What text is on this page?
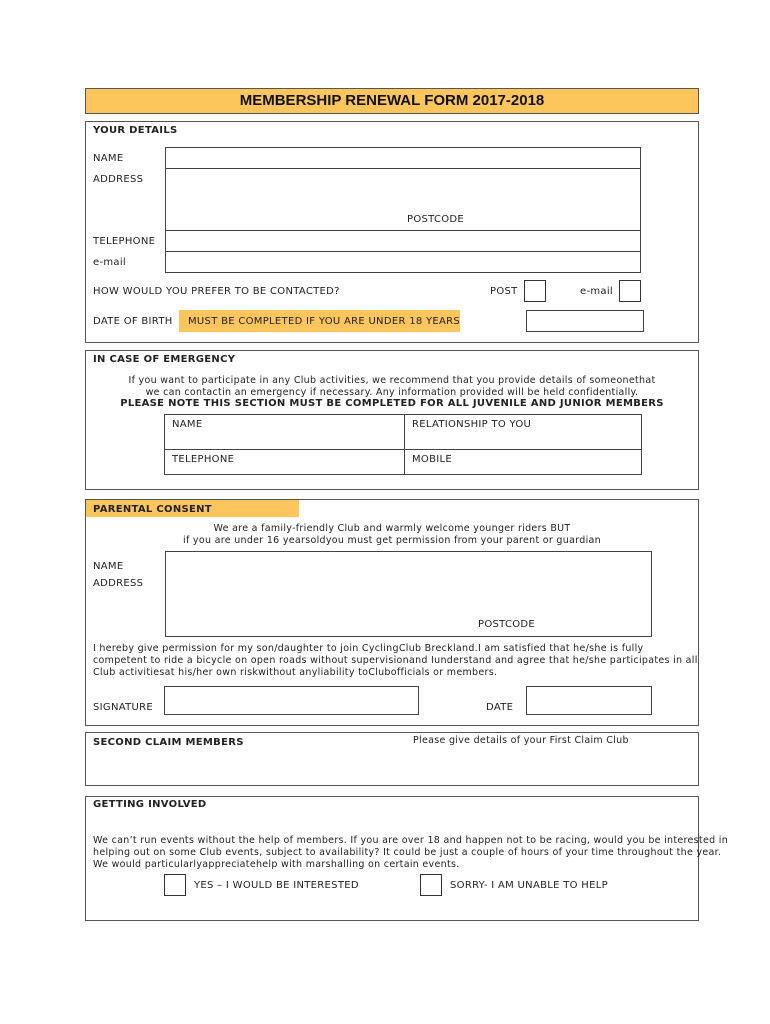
MEMBERSHIP RENEWAL FORM 2017-2018
YOUR DETAILS
NAME
ADDRESS
POSTCODE
TELEPHONE
e-mail
HOW WOULD YOU PREFER TO BE CONTACTED?	POST	e-mail
DATE OF BIRTH MUST BE COMPLETED IF YOU ARE UNDER 18 YEARS
IN CASE OF EMERGENCY
If you want to participate in any Club activities, we recommend that you provide details of someonethat
we can contactin an emergency if necessary. Any information provided will be held confidentially.
PLEASE NOTE THIS SECTION MUST BE COMPLETED FOR ALL JUVENILE AND JUNIOR MEMBERS
NAME	RELATIONSHIP TO YOU
TELEPHONE	MOBILE
PARENTAL CONSENT
We are a family-friendly Club and warmly welcome younger riders BUT
if you are under 16 yearsoldyou must get permission from your parent or guardian
NAME
ADDRESS
POSTCODE
I hereby give permission for my son/daughter to join CyclingClub Breckland.I am satisfied that he/she is fully
competent to ride a bicycle on open roads without supervisionand Iunderstand and agree that he/she participates in all
Club activitiesat his/her own riskwithout anyliability toClubofficials or members.
SIGNATURE	DATE
SECOND CLAIM MEMBERS	Please give details of your First Claim Club
GETTING INVOLVED
We can’t run events without the help of members. If you are over 18 and happen not to be racing, would you be interested in
helping out on some Club events, subject to availability? It could be just a couple of hours of your time throughout the year.
We would particularlyappreciatehelp with marshalling on certain events.
YES – I WOULD BE INTERESTED	SORRY- I AM UNABLE TO HELP
